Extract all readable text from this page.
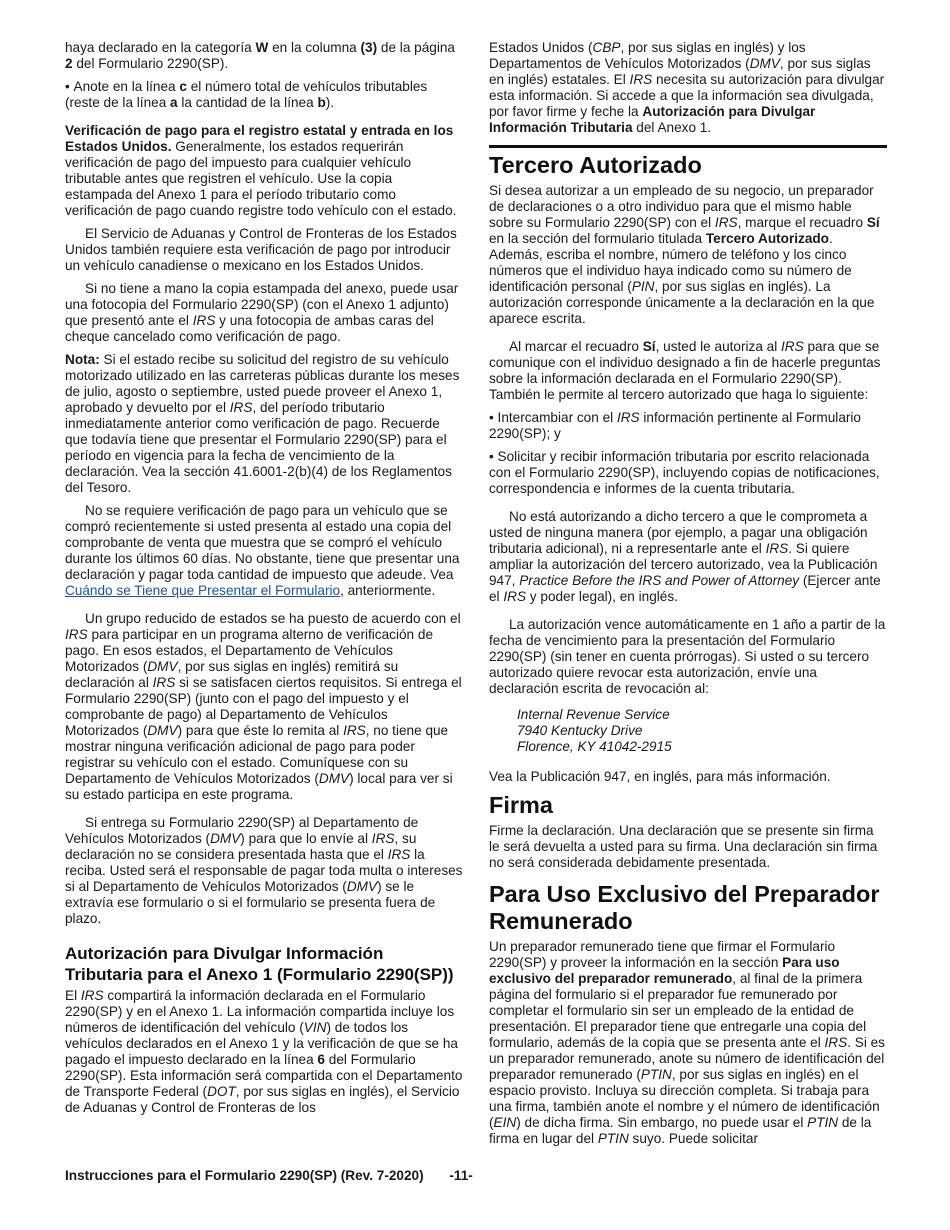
haya declarado en la categoría W en la columna (3) de la página 2 del Formulario 2290(SP).

• Anote en la línea c el número total de vehículos tributables (reste de la línea a la cantidad de la línea b).

Verificación de pago para el registro estatal y entrada en los Estados Unidos. Generalmente, los estados requerirán verificación de pago del impuesto para cualquier vehículo tributable antes que registren el vehículo. Use la copia estampada del Anexo 1 para el período tributario como verificación de pago cuando registre todo vehículo con el estado.

El Servicio de Aduanas y Control de Fronteras de los Estados Unidos también requiere esta verificación de pago por introducir un vehículo canadiense o mexicano en los Estados Unidos.

Si no tiene a mano la copia estampada del anexo, puede usar una fotocopia del Formulario 2290(SP) (con el Anexo 1 adjunto) que presentó ante el IRS y una fotocopia de ambas caras del cheque cancelado como verificación de pago.

Nota: Si el estado recibe su solicitud del registro de su vehículo motorizado utilizado en las carreteras públicas durante los meses de julio, agosto o septiembre, usted puede proveer el Anexo 1, aprobado y devuelto por el IRS, del período tributario inmediatamente anterior como verificación de pago. Recuerde que todavía tiene que presentar el Formulario 2290(SP) para el período en vigencia para la fecha de vencimiento de la declaración. Vea la sección 41.6001-2(b)(4) de los Reglamentos del Tesoro.

No se requiere verificación de pago para un vehículo que se compró recientemente si usted presenta al estado una copia del comprobante de venta que muestra que se compró el vehículo durante los últimos 60 días. No obstante, tiene que presentar una declaración y pagar toda cantidad de impuesto que adeude. Vea Cuándo se Tiene que Presentar el Formulario, anteriormente.

Un grupo reducido de estados se ha puesto de acuerdo con el IRS para participar en un programa alterno de verificación de pago. En esos estados, el Departamento de Vehículos Motorizados (DMV, por sus siglas en inglés) remitirá su declaración al IRS si se satisfacen ciertos requisitos. Si entrega el Formulario 2290(SP) (junto con el pago del impuesto y el comprobante de pago) al Departamento de Vehículos Motorizados (DMV) para que éste lo remita al IRS, no tiene que mostrar ninguna verificación adicional de pago para poder registrar su vehículo con el estado. Comuníquese con su Departamento de Vehículos Motorizados (DMV) local para ver si su estado participa en este programa.

Si entrega su Formulario 2290(SP) al Departamento de Vehículos Motorizados (DMV) para que lo envíe al IRS, su declaración no se considera presentada hasta que el IRS la reciba. Usted será el responsable de pagar toda multa o intereses si al Departamento de Vehículos Motorizados (DMV) se le extravía ese formulario o si el formulario se presenta fuera de plazo.

Autorización para Divulgar Información Tributaria para el Anexo 1 (Formulario 2290(SP))

El IRS compartirá la información declarada en el Formulario 2290(SP) y en el Anexo 1. La información compartida incluye los números de identificación del vehículo (VIN) de todos los vehículos declarados en el Anexo 1 y la verificación de que se ha pagado el impuesto declarado en la línea 6 del Formulario 2290(SP). Esta información será compartida con el Departamento de Transporte Federal (DOT, por sus siglas en inglés), el Servicio de Aduanas y Control de Fronteras de los

Estados Unidos (CBP, por sus siglas en inglés) y los Departamentos de Vehículos Motorizados (DMV, por sus siglas en inglés) estatales. El IRS necesita su autorización para divulgar esta información. Si accede a que la información sea divulgada, por favor firme y feche la Autorización para Divulgar Información Tributaria del Anexo 1.

Tercero Autorizado

Si desea autorizar a un empleado de su negocio, un preparador de declaraciones o a otro individuo para que el mismo hable sobre su Formulario 2290(SP) con el IRS, marque el recuadro Sí en la sección del formulario titulada Tercero Autorizado. Además, escriba el nombre, número de teléfono y los cinco números que el individuo haya indicado como su número de identificación personal (PIN, por sus siglas en inglés). La autorización corresponde únicamente a la declaración en la que aparece escrita.

Al marcar el recuadro Sí, usted le autoriza al IRS para que se comunique con el individuo designado a fin de hacerle preguntas sobre la información declarada en el Formulario 2290(SP). También le permite al tercero autorizado que haga lo siguiente:

• Intercambiar con el IRS información pertinente al Formulario 2290(SP); y

• Solicitar y recibir información tributaria por escrito relacionada con el Formulario 2290(SP), incluyendo copias de notificaciones, correspondencia e informes de la cuenta tributaria.

No está autorizando a dicho tercero a que le comprometa a usted de ninguna manera (por ejemplo, a pagar una obligación tributaria adicional), ni a representarle ante el IRS. Si quiere ampliar la autorización del tercero autorizado, vea la Publicación 947, Practice Before the IRS and Power of Attorney (Ejercer ante el IRS y poder legal), en inglés.

La autorización vence automáticamente en 1 año a partir de la fecha de vencimiento para la presentación del Formulario 2290(SP) (sin tener en cuenta prórrogas). Si usted o su tercero autorizado quiere revocar esta autorización, envíe una declaración escrita de revocación al:

Internal Revenue Service
7940 Kentucky Drive
Florence, KY 41042-2915

Vea la Publicación 947, en inglés, para más información.

Firma

Firme la declaración. Una declaración que se presente sin firma le será devuelta a usted para su firma. Una declaración sin firma no será considerada debidamente presentada.

Para Uso Exclusivo del Preparador Remunerado

Un preparador remunerado tiene que firmar el Formulario 2290(SP) y proveer la información en la sección Para uso exclusivo del preparador remunerado, al final de la primera página del formulario si el preparador fue remunerado por completar el formulario sin ser un empleado de la entidad de presentación. El preparador tiene que entregarle una copia del formulario, además de la copia que se presenta ante el IRS. Si es un preparador remunerado, anote su número de identificación del preparador remunerado (PTIN, por sus siglas en inglés) en el espacio provisto. Incluya su dirección completa. Si trabaja para una firma, también anote el nombre y el número de identificación (EIN) de dicha firma. Sin embargo, no puede usar el PTIN de la firma en lugar del PTIN suyo. Puede solicitar

Instrucciones para el Formulario 2290(SP) (Rev. 7-2020) -11-
